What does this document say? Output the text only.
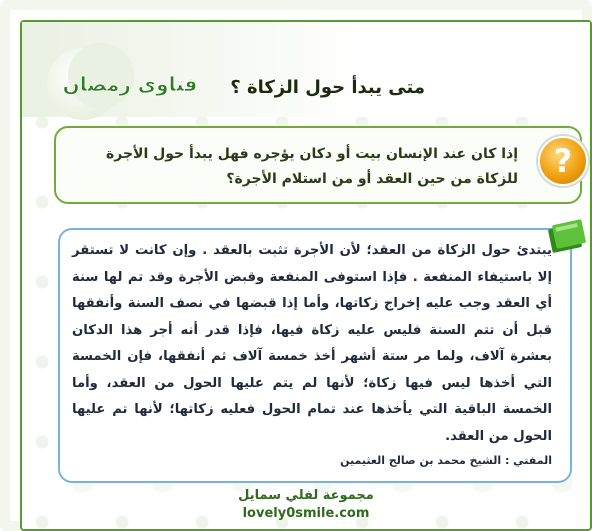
فتاوى رمضان متى يبدأ حول الزكاة ؟
إذا كان عند الإنسان بيت أو دكان يؤجره فهل يبدأ حول الأجرة للزكاة من حين العقد أو من استلام الأجرة؟	?
يبتدئ حول الزكاة من العقد؛ لأن الأجرة تثبت بالعقد . وإن كانت لا تستقر إلا باستيفاء المنفعة . فإذا استوفى المنفعة وقبض الأجرة وقد تم لها سنة أي العقد وجب عليه إخراج زكاتها، وأما إذا قبضها في نصف السنة وأنفقها قبل أن تتم السنة فليس عليه زكاة فيها، فإذا قدر أنه أجر هذا الدكان بعشرة آلاف، ولما مر ستة أشهر أخذ خمسة آلاف ثم أنفقها، فإن الخمسة التي أخذها ليس فيها زكاة؛ لأنها لم يتم عليها الحول من العقد، وأما الخمسة الباقية التي يأخذها عند تمام الحول فعليه زكاتها؛ لأنها تم عليها الحول من العقد.
المفتي : الشيخ محمد بن صالح العثيمين
مجموعة لفلي سمايل
lovely0smile.com
